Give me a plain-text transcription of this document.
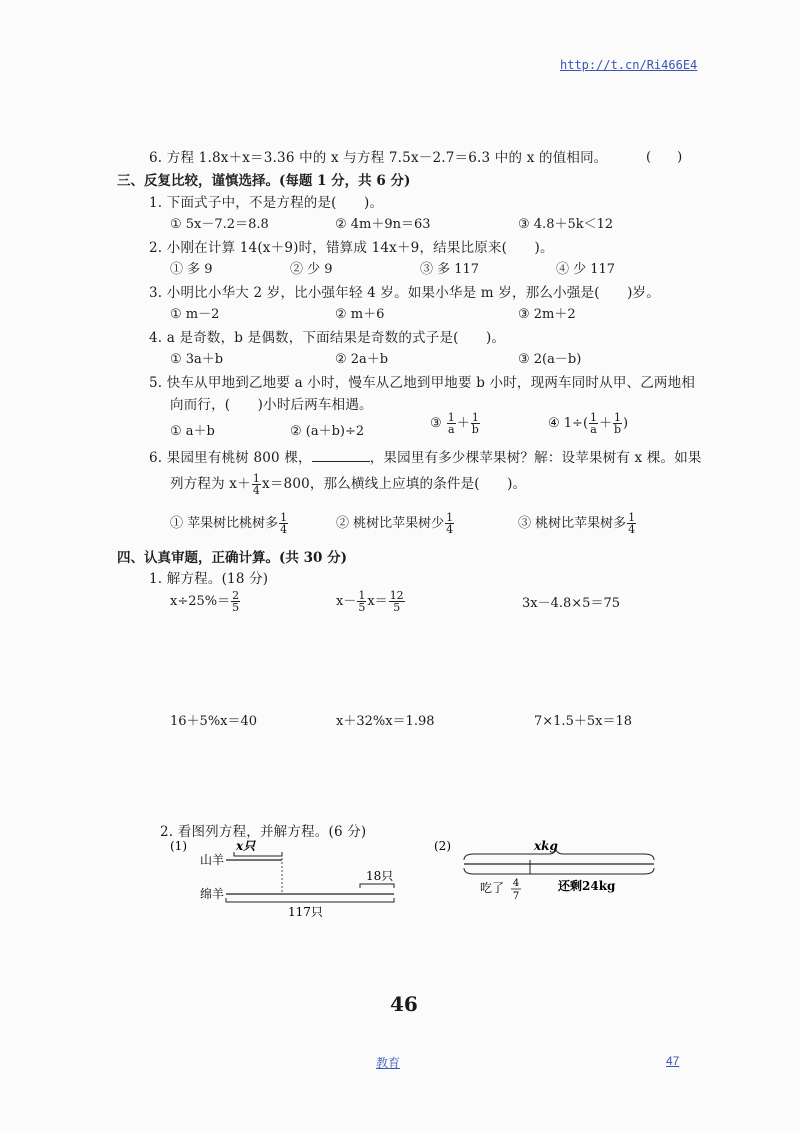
http://t.cn/Ri466E4
6. 方程 1.8x＋x＝3.36 中的 x 与方程 7.5x－2.7＝6.3 中的 x 的值相同。	(　　)
三、反复比较，谨慎选择。(每题 1 分，共 6 分)
1. 下面式子中，不是方程的是(　　)。
① 5x－7.2＝8.8	② 4m＋9n＝63	③ 4.8＋5k＜12
2. 小刚在计算 14(x＋9)时，错算成 14x＋9，结果比原来(　　)。
① 多 9	② 少 9	③ 多 117	④ 少 117
3. 小明比小华大 2 岁，比小强年轻 4 岁。如果小华是 m 岁，那么小强是(　　)岁。
① m－2	② m＋6	③ 2m＋2
4. a 是奇数，b 是偶数，下面结果是奇数的式子是(　　)。
① 3a＋b	② 2a＋b	③ 2(a－b)
5. 快车从甲地到乙地要 a 小时，慢车从乙地到甲地要 b 小时，现两车同时从甲、乙两地相
向而行，(　　)小时后两车相遇。
① a＋b	② (a＋b)÷2
③ $\frac{1}{a} + \frac{1}{b}$	④ $1\div( \frac{1}{a} + \frac{1}{b}$ )
6. 果园里有桃树 800 棵，	，果园里有多少棵苹果树？解：设苹果树有 x 棵。如果
列方程为 $x+ \frac{1}{4} x=800$，那么横线上应填的条件是(　　)。
① 苹果树比桃树多 $\frac{1}{4}$	② 桃树比苹果树少 $\frac{1}{4}$	③ 桃树比苹果树多 $\frac{1}{4}$
四、认真审题，正确计算。(共 30 分)
1. 解方程。(18 分)
$x\div 25\%= \frac{2}{5}$	$x- \frac{1}{5} x= \frac{12}{5}$	3x－4.8×5＝75
16＋5%x＝40	x＋32%x＝1.98	7×1.5＋5x＝18
2. 看图列方程，并解方程。(6 分)
(1)	x只
山羊
18只
绵羊
117只
(2)	xkg
吃了 4
7
还剩24kg
46
教育	47
